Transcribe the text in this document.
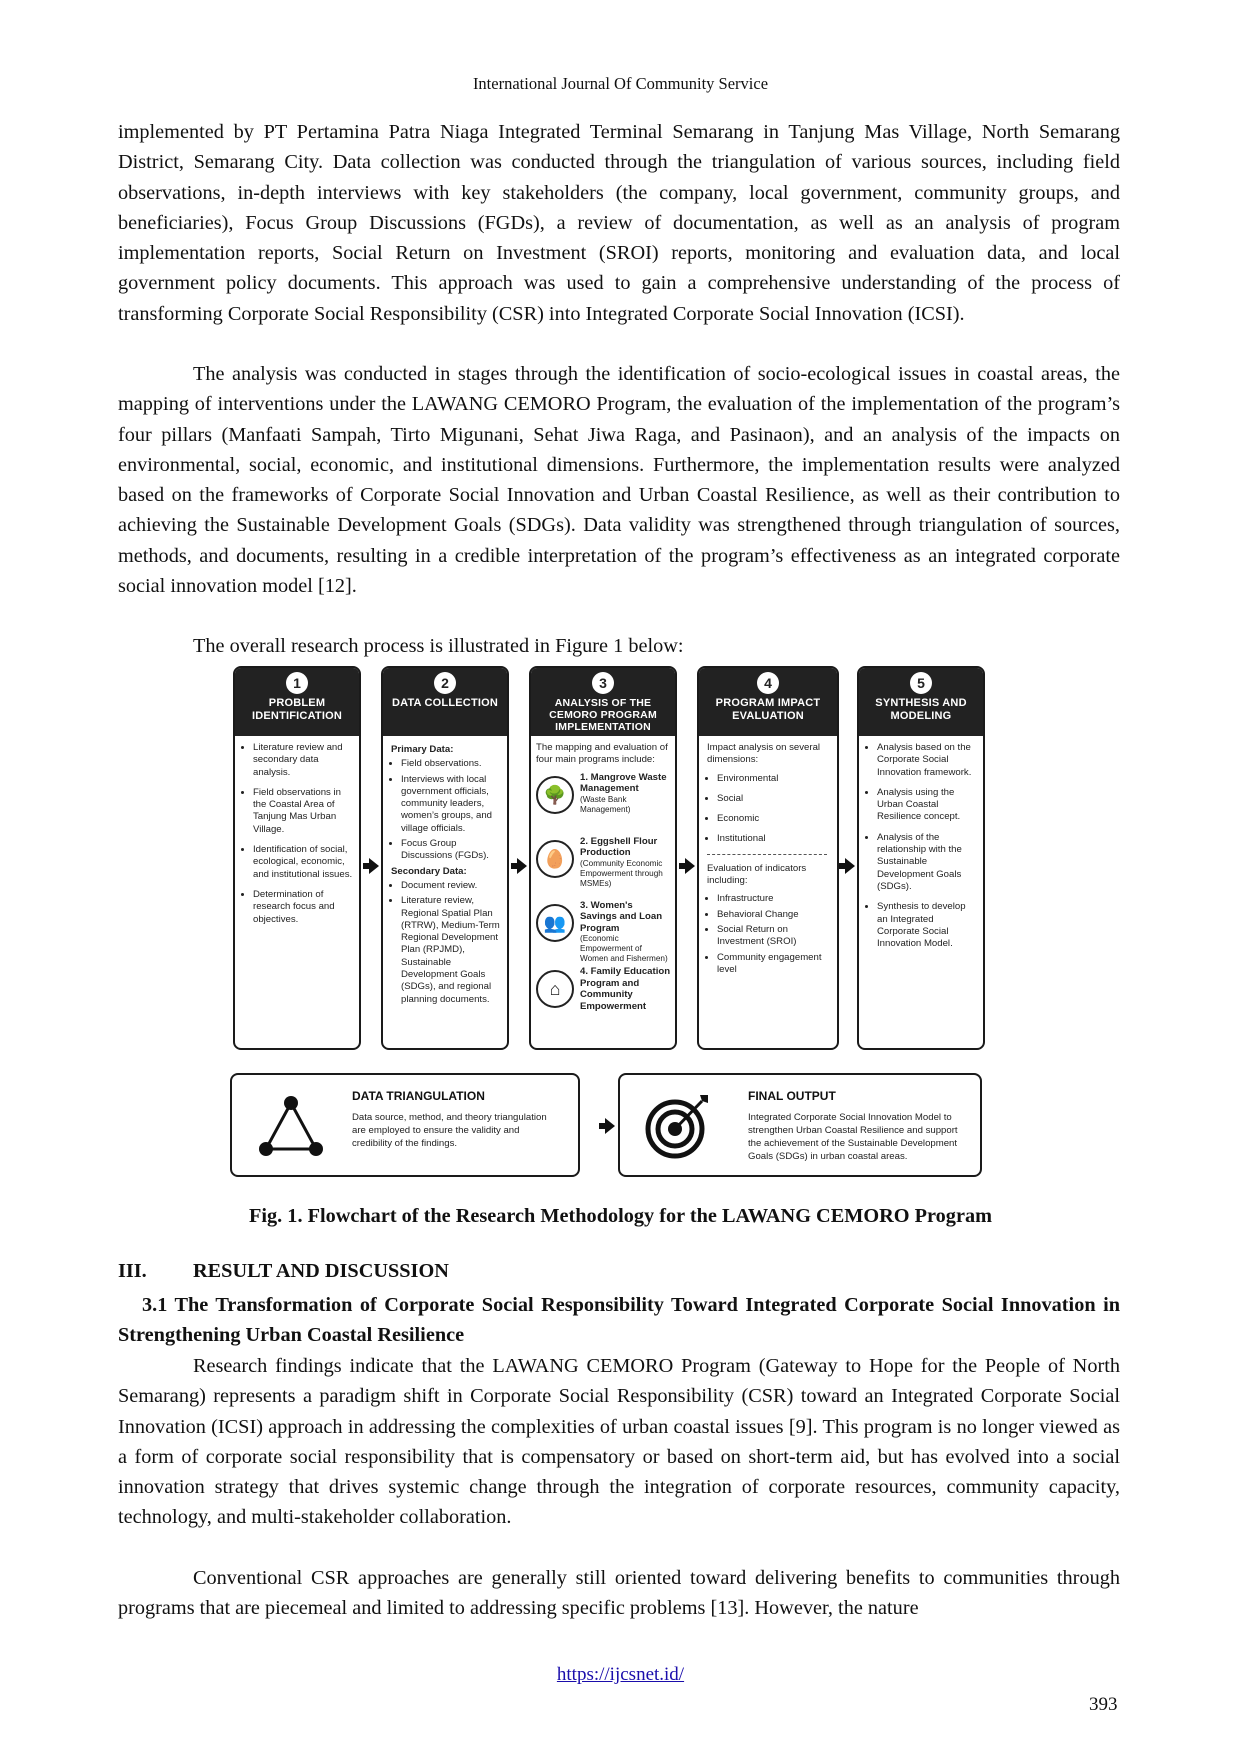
International Journal Of Community Service

implemented by PT Pertamina Patra Niaga Integrated Terminal Semarang in Tanjung Mas Village, North Semarang District, Semarang City. Data collection was conducted through the triangulation of various sources, including field observations, in-depth interviews with key stakeholders (the company, local government, community groups, and beneficiaries), Focus Group Discussions (FGDs), a review of documentation, as well as an analysis of program implementation reports, Social Return on Investment (SROI) reports, monitoring and evaluation data, and local government policy documents. This approach was used to gain a comprehensive understanding of the process of transforming Corporate Social Responsibility (CSR) into Integrated Corporate Social Innovation (ICSI).

The analysis was conducted in stages through the identification of socio-ecological issues in coastal areas, the mapping of interventions under the LAWANG CEMORO Program, the evaluation of the implementation of the program’s four pillars (Manfaati Sampah, Tirto Migunani, Sehat Jiwa Raga, and Pasinaon), and an analysis of the impacts on environmental, social, economic, and institutional dimensions. Furthermore, the implementation results were analyzed based on the frameworks of Corporate Social Innovation and Urban Coastal Resilience, as well as their contribution to achieving the Sustainable Development Goals (SDGs). Data validity was strengthened through triangulation of sources, methods, and documents, resulting in a credible interpretation of the program’s effectiveness as an integrated corporate social innovation model [12].

The overall research process is illustrated in Figure 1 below:

1
PROBLEM IDENTIFICATION
• Literature review and secondary data analysis.
• Field observations in the Coastal Area of Tanjung Mas Urban Village.
• Identification of social, ecological, economic, and institutional issues.
• Determination of research focus and objectives.
2
DATA COLLECTION
Primary Data:
• Field observations.
• Interviews with local government officials, community leaders, women’s groups, and village officials.
• Focus Group Discussions (FGDs).
Secondary Data:
• Document review.
• Literature review, Regional Spatial Plan (RTRW), Medium-Term Regional Development Plan (RPJMD), Sustainable Development Goals (SDGs), and regional planning documents.
3
ANALYSIS OF THE CEMORO PROGRAM IMPLEMENTATION
The mapping and evaluation of four main programs include:
🌳
1. Mangrove Waste Management
(Waste Bank Management)
🥚
2. Eggshell Flour Production
(Community Economic Empowerment through MSMEs)
👥
3. Women's Savings and Loan Program
(Economic Empowerment of Women and Fishermen)
⌂
4. Family Education Program and Community Empowerment
4
PROGRAM IMPACT EVALUATION
Impact analysis on several dimensions:
• Environmental
• Social
• Economic
• Institutional
Evaluation of indicators including:
• Infrastructure
• Behavioral Change
• Social Return on Investment (SROI)
• Community engagement level
5
SYNTHESIS AND MODELING
• Analysis based on the Corporate Social Innovation framework.
• Analysis using the Urban Coastal Resilience concept.
• Analysis of the relationship with the Sustainable Development Goals (SDGs).
• Synthesis to develop an Integrated Corporate Social Innovation Model.
DATA TRIANGULATION
Data source, method, and theory triangulation are employed to ensure the validity and credibility of the findings.
FINAL OUTPUT
Integrated Corporate Social Innovation Model to strengthen Urban Coastal Resilience and support the achievement of the Sustainable Development Goals (SDGs) in urban coastal areas.
Fig. 1. Flowchart of the Research Methodology for the LAWANG CEMORO Program
III. RESULT AND DISCUSSION

3.1 The Transformation of Corporate Social Responsibility Toward Integrated Corporate Social Innovation in Strengthening Urban Coastal Resilience

Research findings indicate that the LAWANG CEMORO Program (Gateway to Hope for the People of North Semarang) represents a paradigm shift in Corporate Social Responsibility (CSR) toward an Integrated Corporate Social Innovation (ICSI) approach in addressing the complexities of urban coastal issues [9]. This program is no longer viewed as a form of corporate social responsibility that is compensatory or based on short-term aid, but has evolved into a social innovation strategy that drives systemic change through the integration of corporate resources, community capacity, technology, and multi-stakeholder collaboration.

Conventional CSR approaches are generally still oriented toward delivering benefits to communities through programs that are piecemeal and limited to addressing specific problems [13]. However, the nature

https://ijcsnet.id/
393
